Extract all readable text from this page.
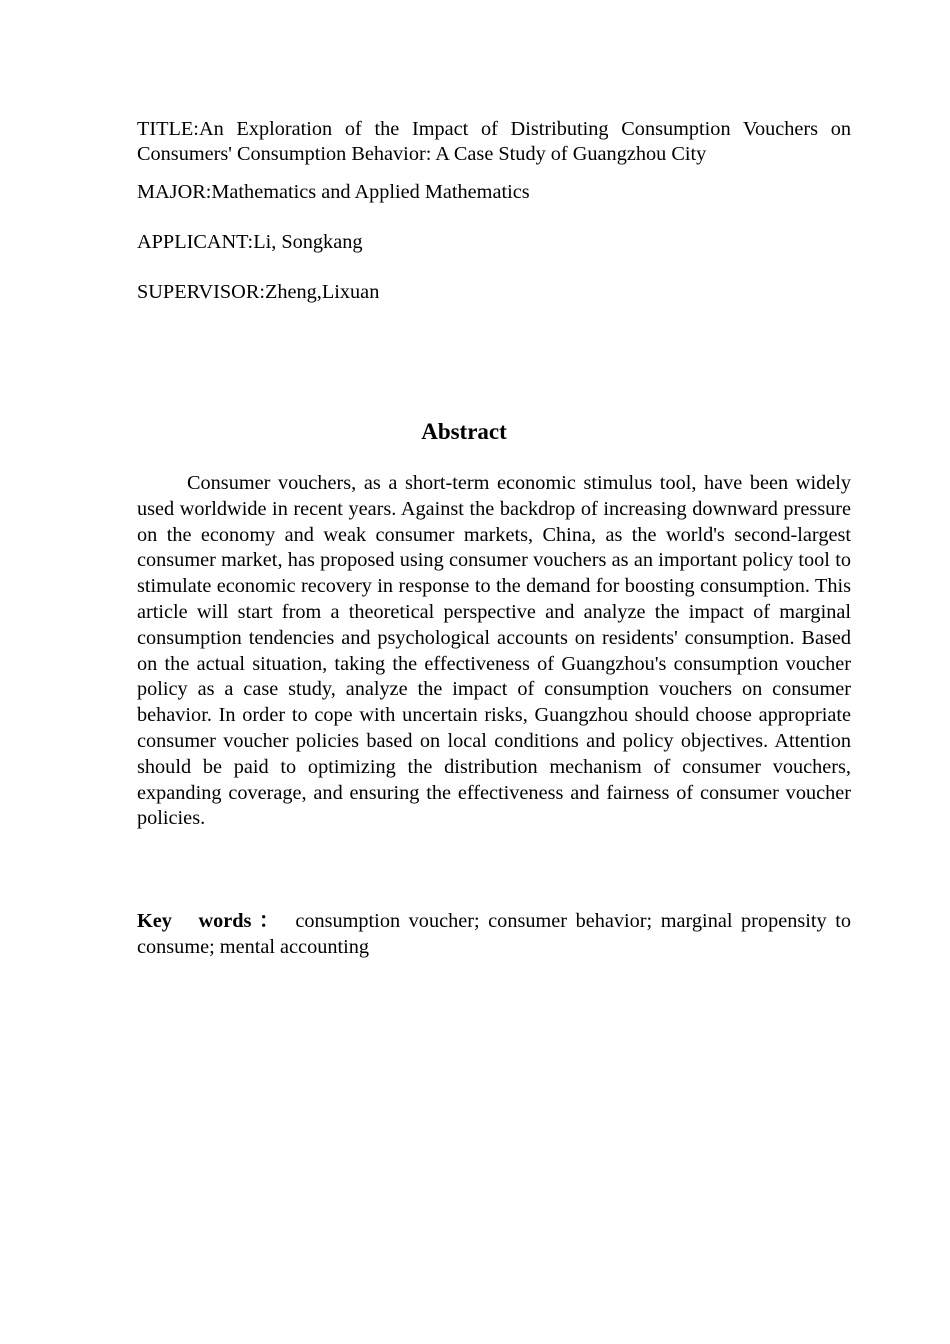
TITLE:An Exploration of the Impact of Distributing Consumption Vouchers on Consumers' Consumption Behavior: A Case Study of Guangzhou City
MAJOR:Mathematics and Applied Mathematics
APPLICANT:Li, Songkang
SUPERVISOR:Zheng,Lixuan
Abstract

Consumer vouchers, as a short-term economic stimulus tool, have been widely used worldwide in recent years. Against the backdrop of increasing downward pressure on the economy and weak consumer markets, China, as the world's second-largest consumer market, has proposed using consumer vouchers as an important policy tool to stimulate economic recovery in response to the demand for boosting consumption. This article will start from a theoretical perspective and analyze the impact of marginal consumption tendencies and psychological accounts on residents' consumption. Based on the actual situation, taking the effectiveness of Guangzhou's consumption voucher policy as a case study, analyze the impact of consumption vouchers on consumer behavior. In order to cope with uncertain risks, Guangzhou should choose appropriate consumer voucher policies based on local conditions and policy objectives. Attention should be paid to optimizing the distribution mechanism of consumer vouchers, expanding coverage, and ensuring the effectiveness and fairness of consumer voucher policies.

Key words ： consumption voucher; consumer behavior; marginal propensity to consume; mental accounting
